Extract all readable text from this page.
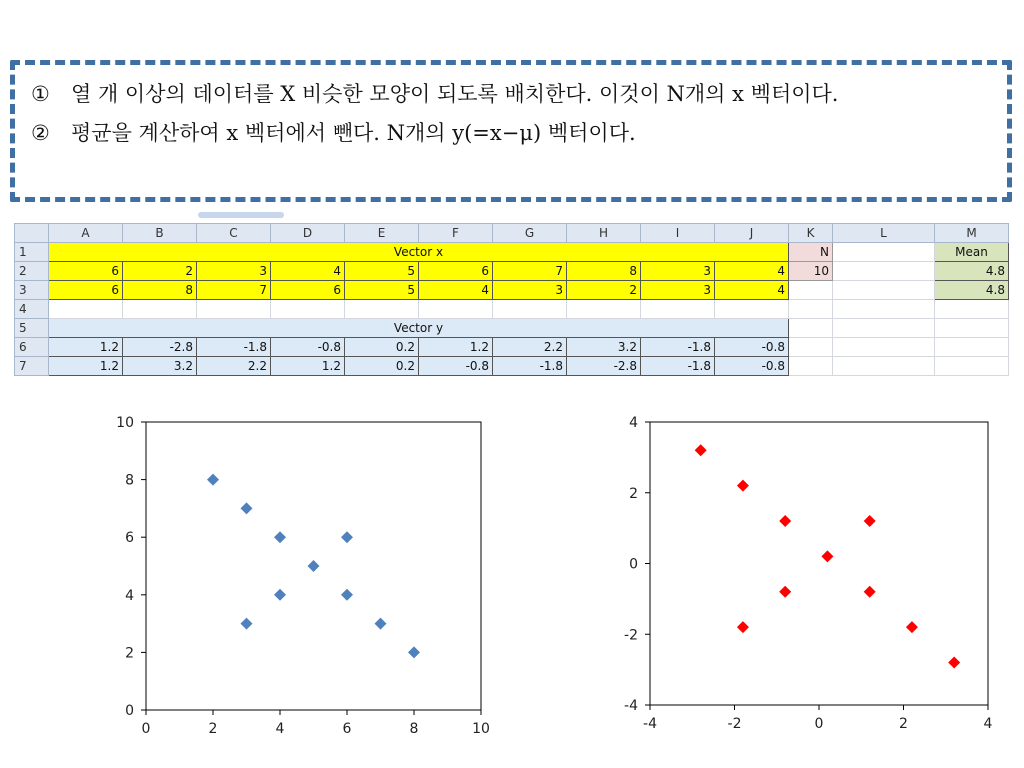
①	열 개 이상의 데이터를 X 비슷한 모양이 되도록 배치한다. 이것이 N개의 x 벡터이다.
②	평균을 계산하여 x 벡터에서 뺀다. N개의 y(=x−μ) 벡터이다.
	A	B	C	D	E	F	G	H	I	J	K	L	M
1	Vector x										N		Mean
2	6	2	3	4	5	6	7	8	3	4	10		4.8
3	6	8	7	6	5	4	3	2	3	4			4.8
4													
5	Vector y												
6	1.2	-2.8	-1.8	-0.8	0.2	1.2	2.2	3.2	-1.8	-0.8			
7	1.2	3.2	2.2	1.2	0.2	-0.8	-1.8	-2.8	-1.8	-0.8			
0	2	4	6	8	10
0
2
4
6
8
10
-4	-2	0	2	4
-4
-2
0
2
4
